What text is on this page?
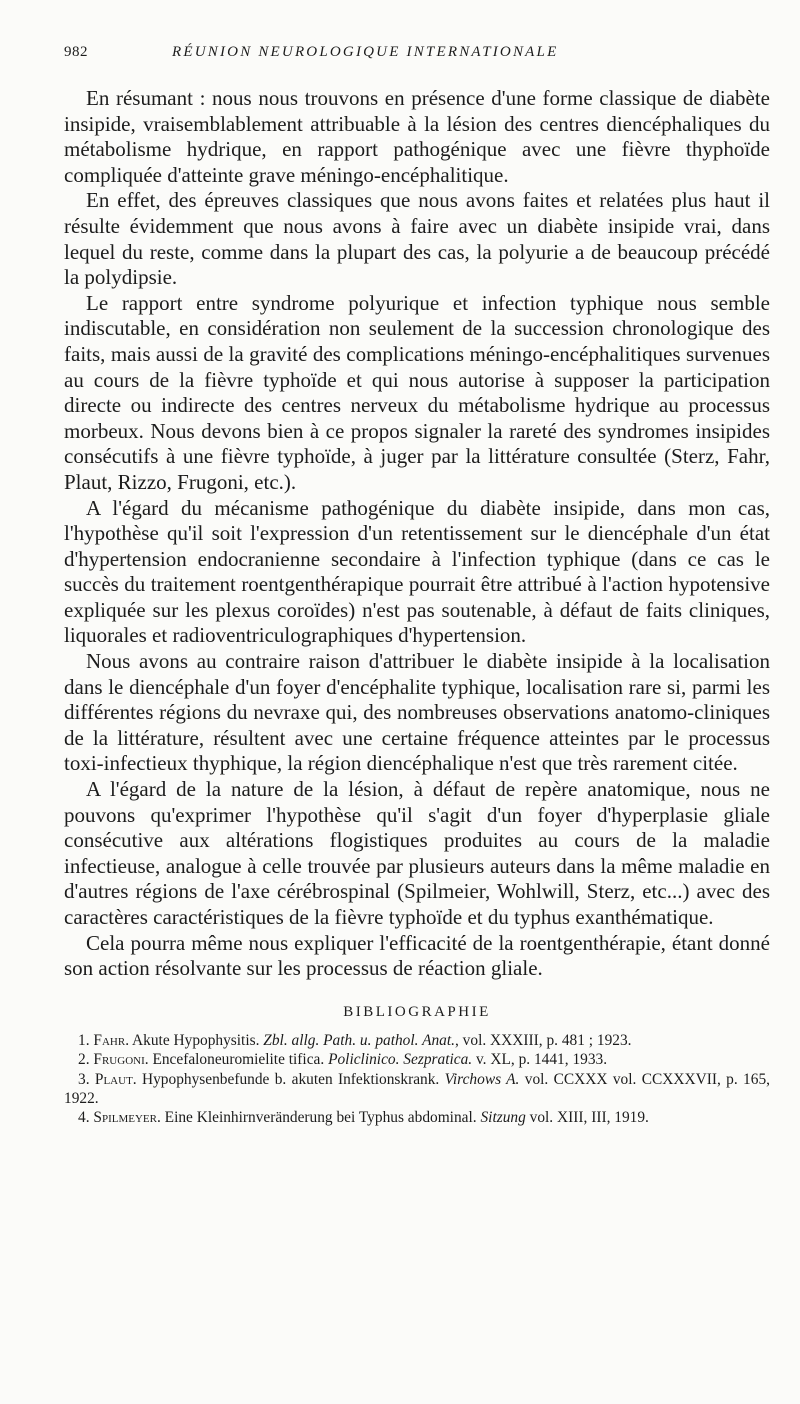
982	RÉUNION NEUROLOGIQUE INTERNATIONALE

En résumant : nous nous trouvons en présence d'une forme classique de diabète insipide, vraisemblablement attribuable à la lésion des centres diencéphaliques du métabolisme hydrique, en rapport pathogénique avec une fièvre thyphoïde compliquée d'atteinte grave méningo-encéphalitique.

En effet, des épreuves classiques que nous avons faites et relatées plus haut il résulte évidemment que nous avons à faire avec un diabète insipide vrai, dans lequel du reste, comme dans la plupart des cas, la polyurie a de beaucoup précédé la polydipsie.

Le rapport entre syndrome polyurique et infection typhique nous semble indiscutable, en considération non seulement de la succession chronologique des faits, mais aussi de la gravité des complications méningo-encéphalitiques survenues au cours de la fièvre typhoïde et qui nous autorise à supposer la participation directe ou indirecte des centres nerveux du métabolisme hydrique au processus morbeux. Nous devons bien à ce propos signaler la rareté des syndromes insipides consécutifs à une fièvre typhoïde, à juger par la littérature consultée (Sterz, Fahr, Plaut, Rizzo, Frugoni, etc.).

A l'égard du mécanisme pathogénique du diabète insipide, dans mon cas, l'hypothèse qu'il soit l'expression d'un retentissement sur le diencéphale d'un état d'hypertension endocranienne secondaire à l'infection typhique (dans ce cas le succès du traitement roentgenthérapique pourrait être attribué à l'action hypotensive expliquée sur les plexus coroïdes) n'est pas soutenable, à défaut de faits cliniques, liquorales et radioventriculographiques d'hypertension.

Nous avons au contraire raison d'attribuer le diabète insipide à la localisation dans le diencéphale d'un foyer d'encéphalite typhique, localisation rare si, parmi les différentes régions du nevraxe qui, des nombreuses observations anatomo-cliniques de la littérature, résultent avec une certaine fréquence atteintes par le processus toxi-infectieux thyphique, la région diencéphalique n'est que très rarement citée.

A l'égard de la nature de la lésion, à défaut de repère anatomique, nous ne pouvons qu'exprimer l'hypothèse qu'il s'agit d'un foyer d'hyperplasie gliale consécutive aux altérations flogistiques produites au cours de la maladie infectieuse, analogue à celle trouvée par plusieurs auteurs dans la même maladie en d'autres régions de l'axe cérébrospinal (Spilmeier, Wohlwill, Sterz, etc...) avec des caractères caractéristiques de la fièvre typhoïde et du typhus exanthématique.

Cela pourra même nous expliquer l'efficacité de la roentgenthérapie, étant donné son action résolvante sur les processus de réaction gliale.

BIBLIOGRAPHIE

1. Fahr. Akute Hypophysitis. Zbl. allg. Path. u. pathol. Anat., vol. XXXIII, p. 481 ; 1923.

2. Frugoni. Encefaloneuromielite tifica. Policlinico. Sezpratica. v. XL, p. 1441, 1933.

3. Plaut. Hypophysenbefunde b. akuten Infektionskrank. Virchows A. vol. CCXXX vol. CCXXXVII, p. 165, 1922.

4. Spilmeyer. Eine Kleinhirnveränderung bei Typhus abdominal. Sitzung vol. XIII, III, 1919.
